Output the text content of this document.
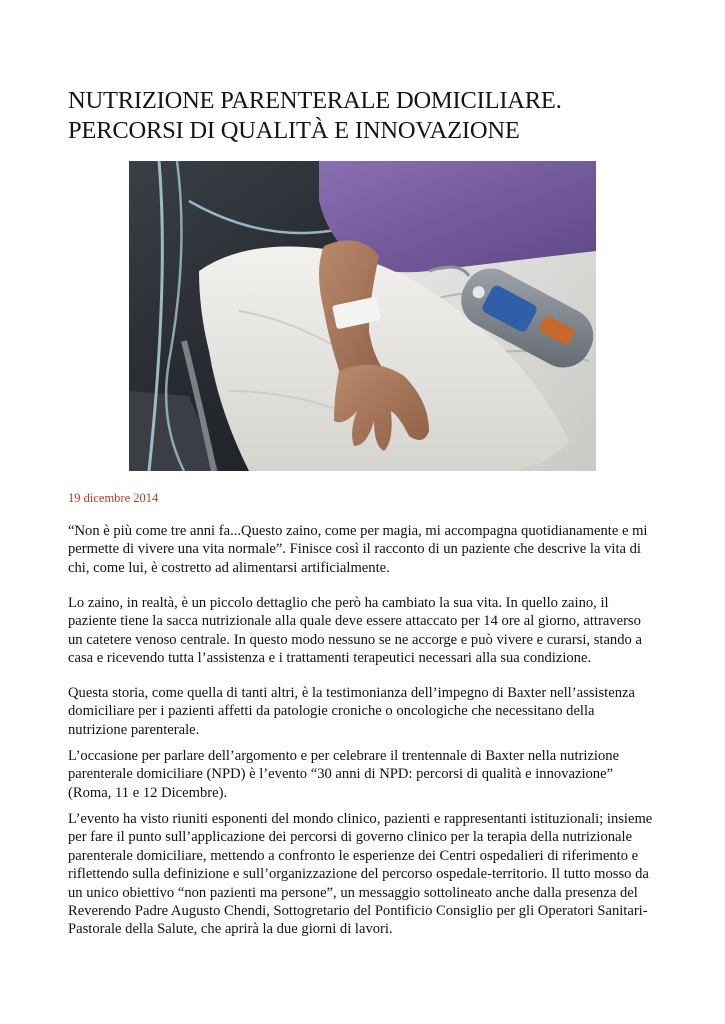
NUTRIZIONE PARENTERALE DOMICILIARE.
PERCORSI DI QUALITÀ E INNOVAZIONE
19 dicembre 2014

“Non è più come tre anni fa...Questo zaino, come per magia, mi accompagna quotidianamente e mi
permette di vivere una vita normale”. Finisce così il racconto di un paziente che descrive la vita di
chi, come lui, è costretto ad alimentarsi artificialmente.

Lo zaino, in realtà, è un piccolo dettaglio che però ha cambiato la sua vita. In quello zaino, il
paziente tiene la sacca nutrizionale alla quale deve essere attaccato per 14 ore al giorno, attraverso
un catetere venoso centrale. In questo modo nessuno se ne accorge e può vivere e curarsi, stando a
casa e ricevendo tutta l’assistenza e i trattamenti terapeutici necessari alla sua condizione.

Questa storia, come quella di tanti altri, è la testimonianza dell’impegno di Baxter nell’assistenza
domiciliare per i pazienti affetti da patologie croniche o oncologiche che necessitano della
nutrizione parenterale.

L’occasione per parlare dell’argomento e per celebrare il trentennale di Baxter nella nutrizione
parenterale domiciliare (NPD) è l’evento “30 anni di NPD: percorsi di qualità e innovazione”
(Roma, 11 e 12 Dicembre).

L’evento ha visto riuniti esponenti del mondo clinico, pazienti e rappresentanti istituzionali; insieme
per fare il punto sull’applicazione dei percorsi di governo clinico per la terapia della nutrizionale
parenterale domiciliare, mettendo a confronto le esperienze dei Centri ospedalieri di riferimento e
riflettendo sulla definizione e sull’organizzazione del percorso ospedale-territorio. Il tutto mosso da
un unico obiettivo “non pazienti ma persone”, un messaggio sottolineato anche dalla presenza del
Reverendo Padre Augusto Chendi, Sottogretario del Pontificio Consiglio per gli Operatori Sanitari-
Pastorale della Salute, che aprirà la due giorni di lavori.
